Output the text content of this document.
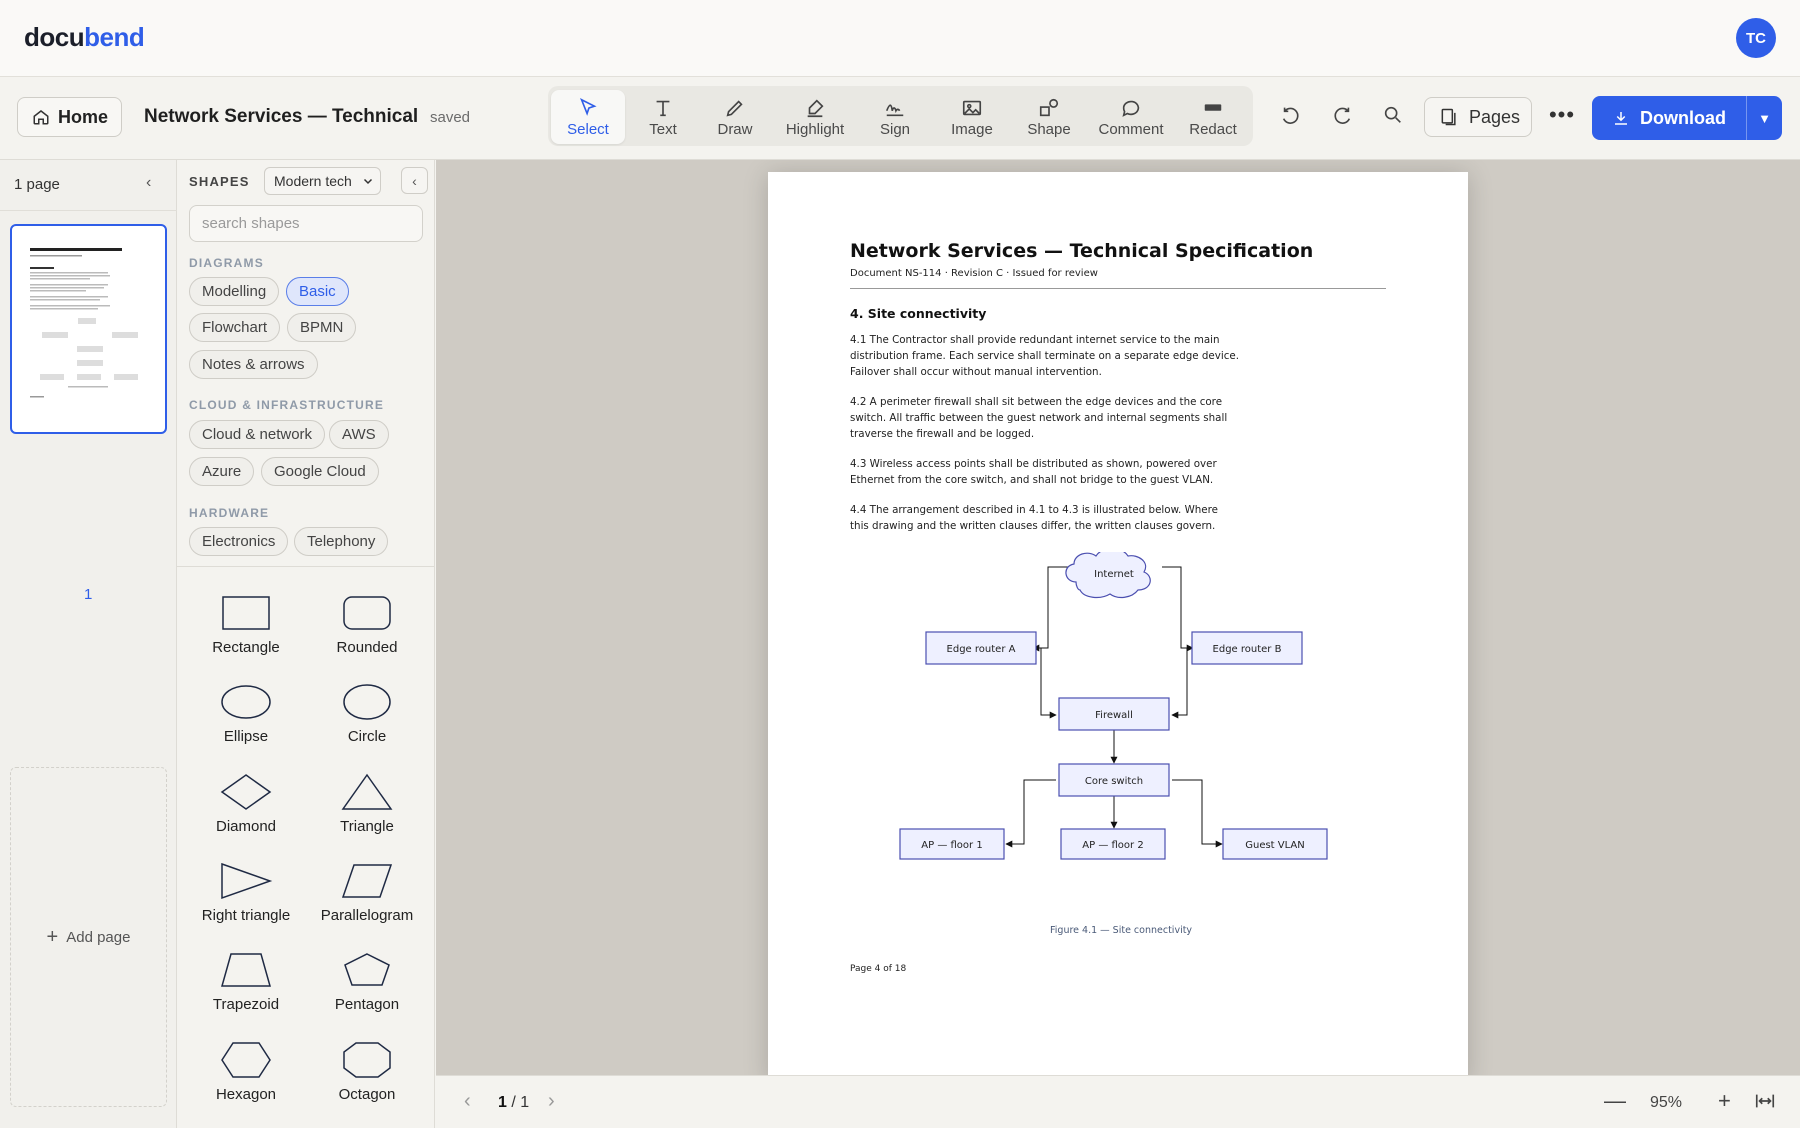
docubend	TC
Home Network Services — Technical saved
Select	Text	Draw Highlight Sign	Image Shape Comment Redact
Pages •••	Download ▼
1 page	‹
1
+ Add page
SHAPES Modern tech	‹
search shapes
DIAGRAMS
Modelling	Basic
Flowchart	BPMN
Notes & arrows
CLOUD & INFRASTRUCTURE
Cloud & network	AWS
Azure	Google Cloud
HARDWARE
Electronics	Telephony
Rectangle	Rounded
Ellipse	Circle
Diamond	Triangle
Right triangle Parallelogram
Trapezoid	Pentagon
Hexagon	Octagon
Network Services — Technical Specification
Document NS-114 · Revision C · Issued for review
4. Site connectivity
4.1 The Contractor shall provide redundant internet service to the main distribution frame. Each service shall terminate on a separate edge device. Failover shall occur without manual intervention.
4.2 A perimeter firewall shall sit between the edge devices and the core switch. All traffic between the guest network and internal segments shall traverse the firewall and be logged.
4.3 Wireless access points shall be distributed as shown, powered over Ethernet from the core switch, and shall not bridge to the guest VLAN.
4.4 The arrangement described in 4.1 to 4.3 is illustrated below. Where this drawing and the written clauses differ, the written clauses govern.
Figure 4.1 — Site connectivity
Page 4 of 18
Internet
Edge router A	Edge router B
Firewall
Core switch
AP — floor 1	AP — floor 2	Guest VLAN
‹ 1 / 1 ›	— 95% +
